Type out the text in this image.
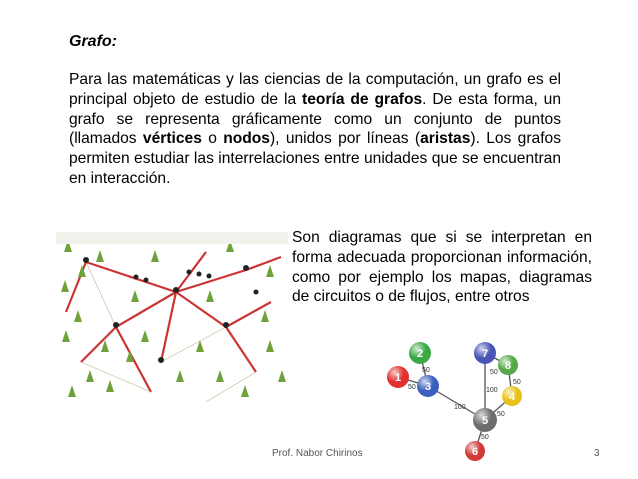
Grafo:
Para las matemáticas y las ciencias de la computación, un grafo es el principal objeto de estudio de la teoría de grafos. De esta forma, un grafo se representa gráficamente como un conjunto de puntos (llamados vértices o nodos), unidos por líneas (aristas). Los grafos permiten estudiar las interrelaciones entre unidades que se encuentran en interacción.
Son diagramas que si se interpretan en forma adecuada proporcionan información, como por ejemplo los mapas, diagramas de circuitos o de flujos, entre otros
50
50
50
100
100
50
50
50
1
2
3
4
5
6
7
8
Prof. Nabor Chirinos	3
